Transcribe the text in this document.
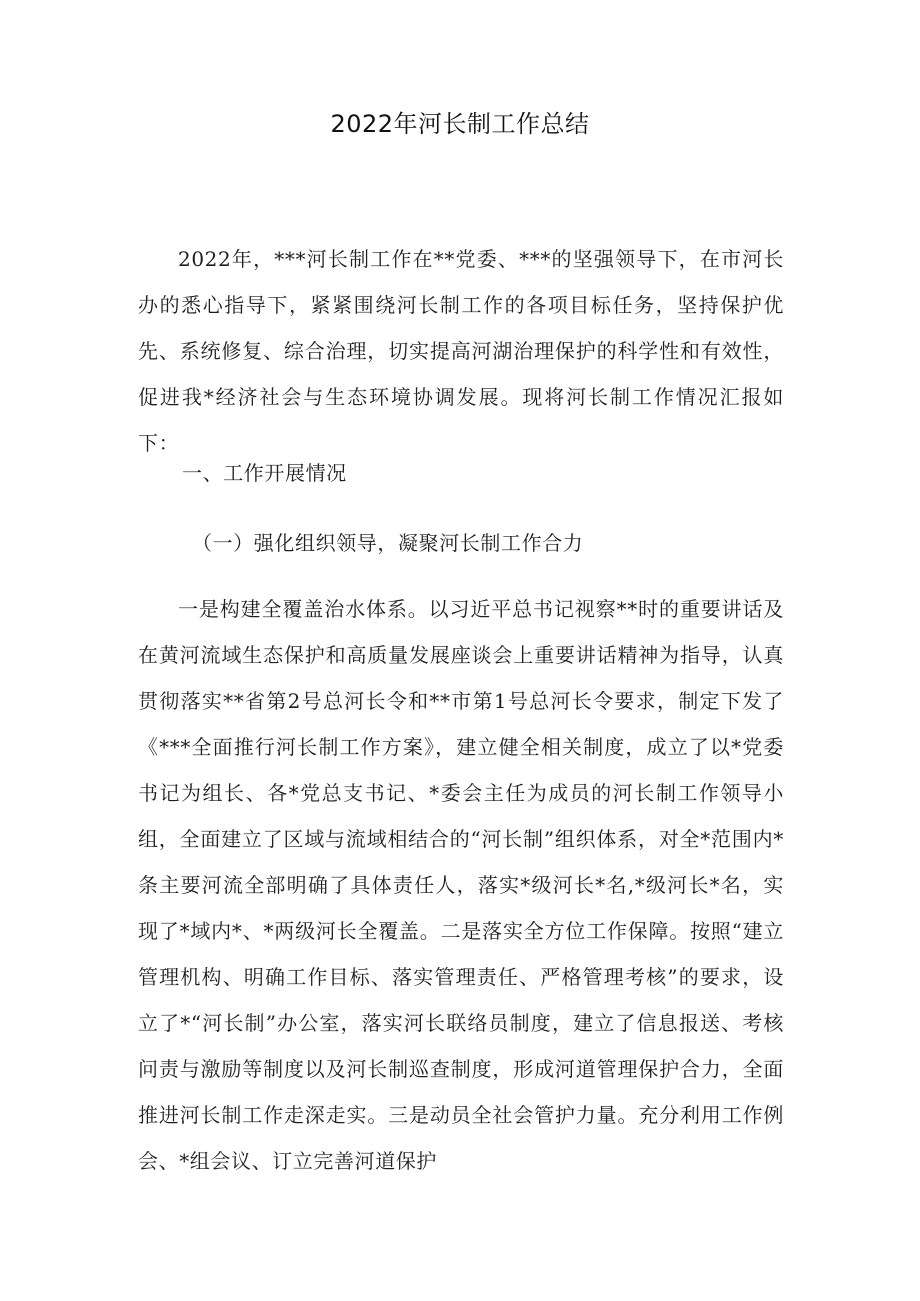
2022年河长制工作总结
2022年，***河长制工作在**党委、***的坚强领导下，在市河长办的悉心指导下，紧紧围绕河长制工作的各项目标任务，坚持保护优先、系统修复、综合治理，切实提高河湖治理保护的科学性和有效性，促进我*经济社会与生态环境协调发展。现将河长制工作情况汇报如下：
一、工作开展情况
（一）强化组织领导，凝聚河长制工作合力
一是构建全覆盖治水体系。以习近平总书记视察**时的重要讲话及在黄河流域生态保护和高质量发展座谈会上重要讲话精神为指导，认真贯彻落实**省第2号总河长令和**市第1号总河长令要求，制定下发了《***全面推行河长制工作方案》，建立健全相关制度，成立了以*党委书记为组长、各*党总支书记、*委会主任为成员的河长制工作领导小组，全面建立了区域与流域相结合的“河长制”组织体系，对全*范围内*条主要河流全部明确了具体责任人，落实*级河长*名,*级河长*名，实现了*域内*、*两级河长全覆盖。二是落实全方位工作保障。按照“建立管理机构、明确工作目标、落实管理责任、严格管理考核”的要求，设立了*“河长制”办公室，落实河长联络员制度，建立了信息报送、考核问责与激励等制度以及河长制巡查制度，形成河道管理保护合力，全面推进河长制工作走深走实。三是动员全社会管护力量。充分利用工作例会、*组会议、订立完善河道保护
